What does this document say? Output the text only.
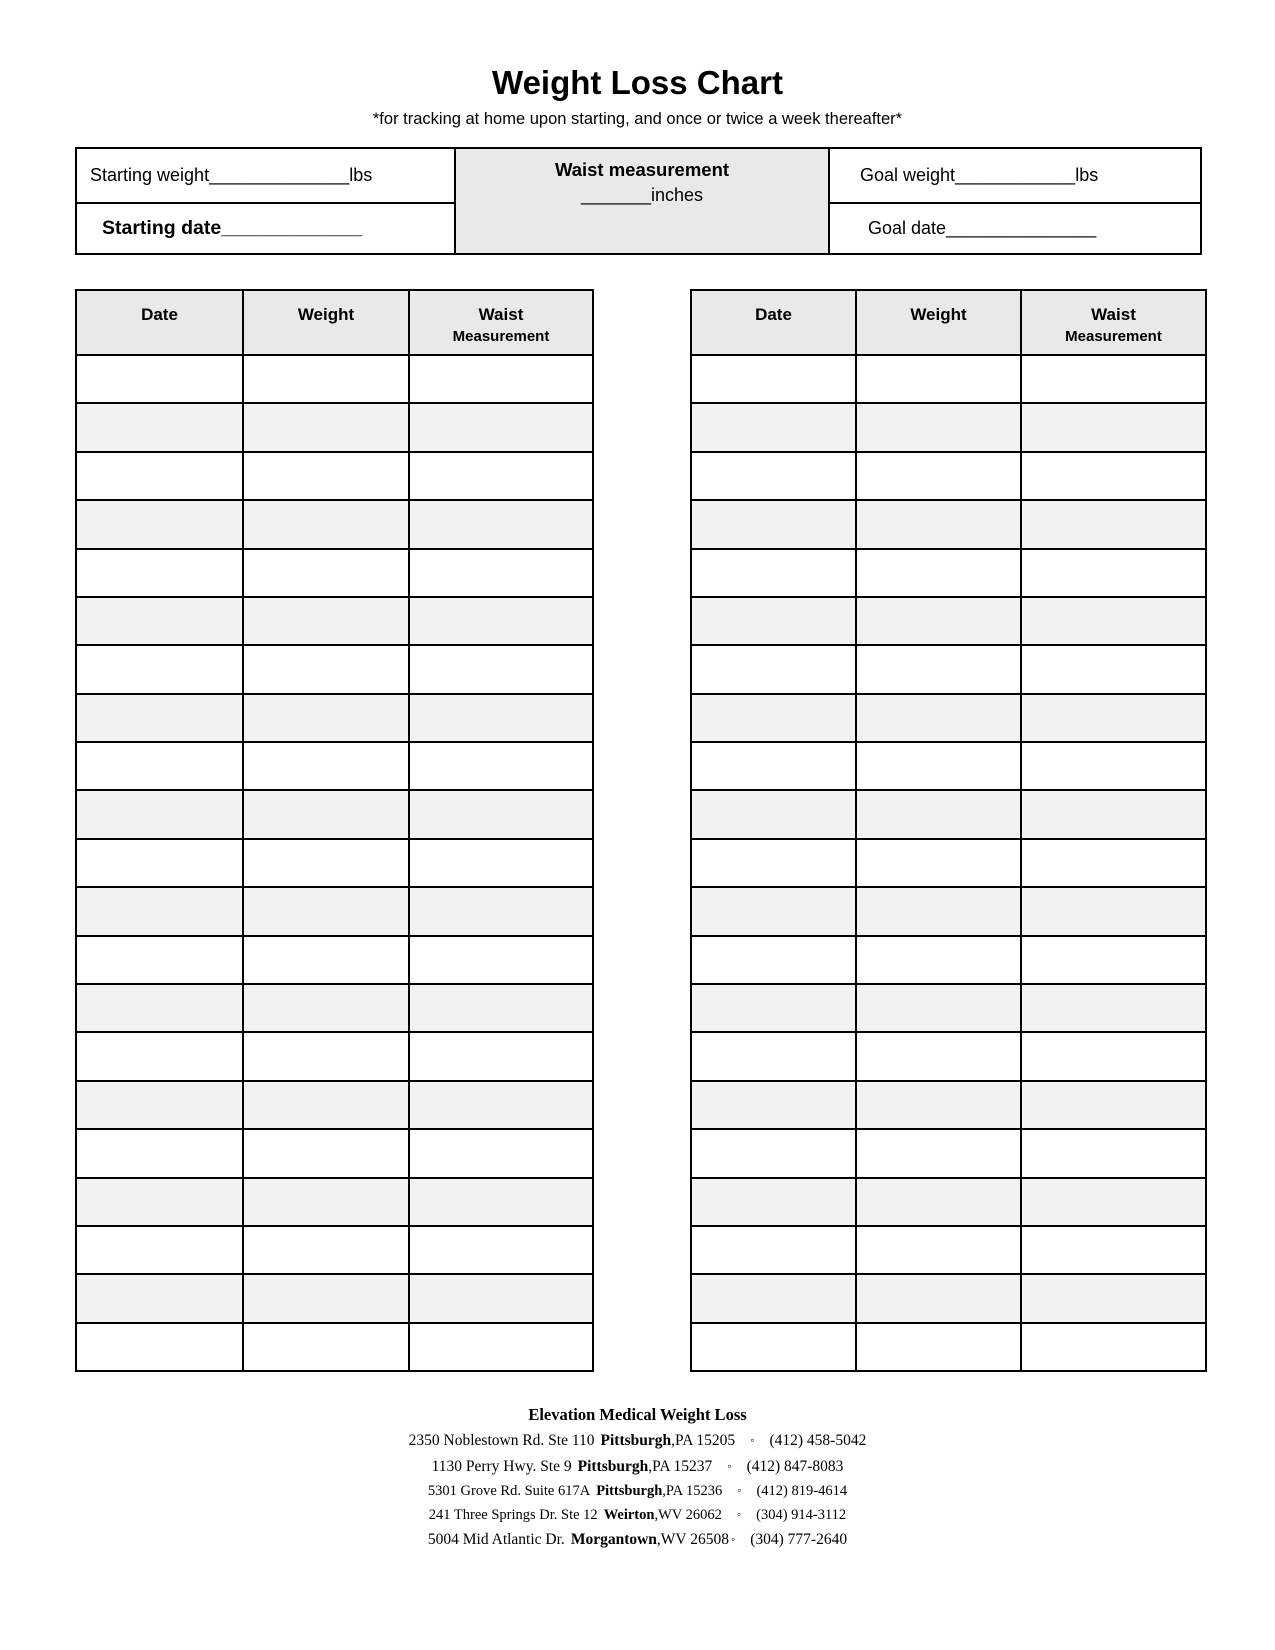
Weight Loss Chart
*for tracking at home upon starting, and once or twice a week thereafter*
Starting weight ______________ lbs
Starting date _____________
Waist measurement
_______inches
Goal weight ____________ lbs
Goal date _______________
Date	Weight	Waist
Measurement

Date	Weight	Waist
Measurement

Elevation Medical Weight Loss
2350 Noblestown Rd. Ste 110 Pittsburgh,PA 15205 ◦ (412) 458-5042
1130 Perry Hwy. Ste 9 Pittsburgh,PA 15237 ◦ (412) 847-8083
5301 Grove Rd. Suite 617A Pittsburgh,PA 15236 ◦ (412) 819-4614
241 Three Springs Dr. Ste 12 Weirton,WV 26062 ◦ (304) 914-3112
5004 Mid Atlantic Dr. Morgantown,WV 26508 ◦ (304) 777-2640
